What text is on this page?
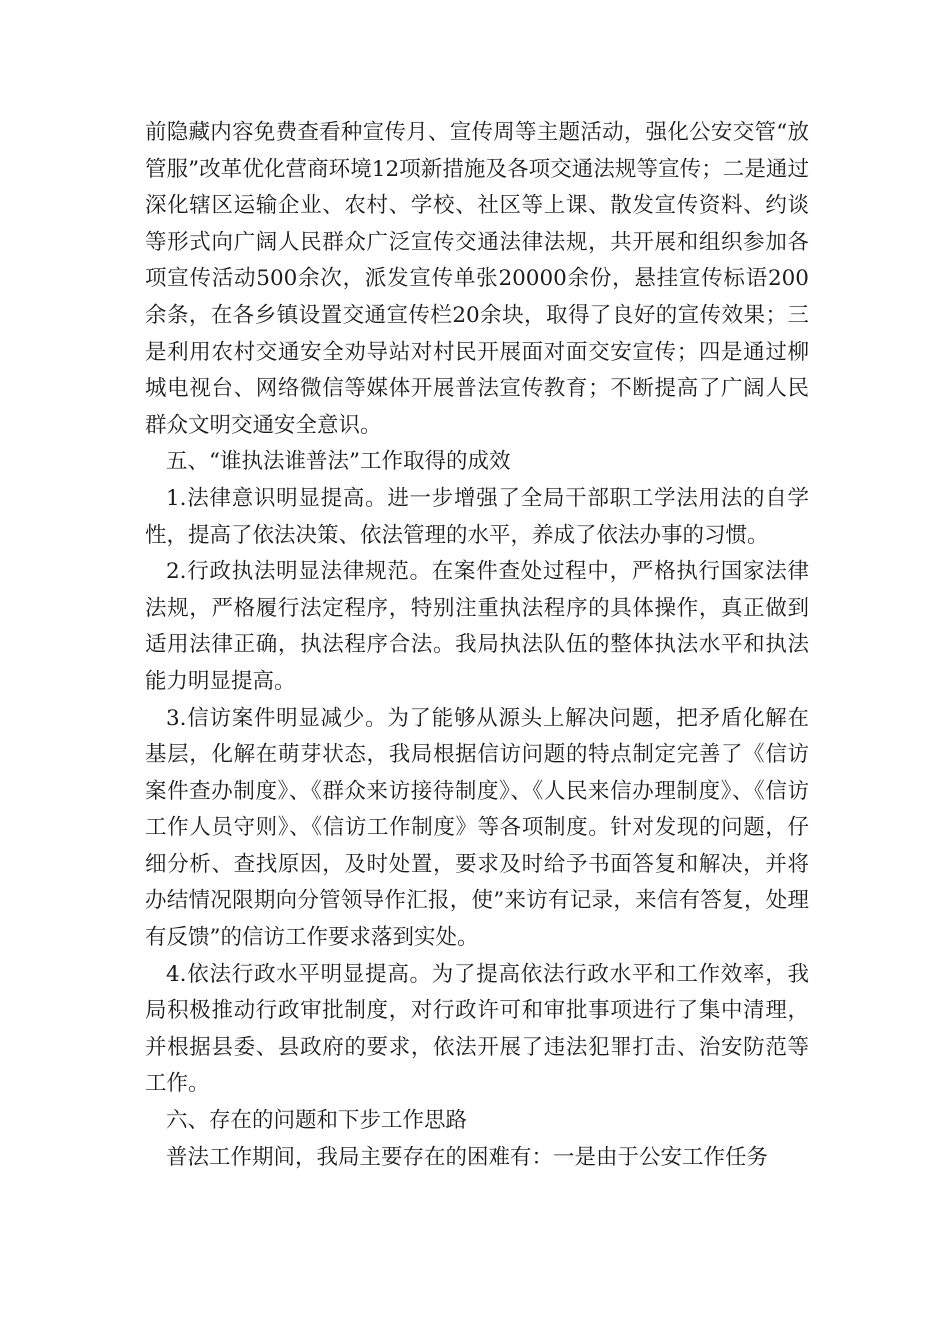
前隐藏内容免费查看种宣传月、宣传周等主题活动，强化公安交管“放管服”改革优化营商环境12项新措施及各项交通法规等宣传；二是通过深化辖区运输企业、农村、学校、社区等上课、散发宣传资料、约谈等形式向广阔人民群众广泛宣传交通法律法规，共开展和组织参加各项宣传活动500余次，派发宣传单张20000余份，悬挂宣传标语200余条，在各乡镇设置交通宣传栏20余块，取得了良好的宣传效果；三是利用农村交通安全劝导站对村民开展面对面交安宣传；四是通过柳城电视台、网络微信等媒体开展普法宣传教育；不断提高了广阔人民群众文明交通安全意识。

五、“谁执法谁普法”工作取得的成效

1.法律意识明显提高。进一步增强了全局干部职工学法用法的自学性，提高了依法决策、依法管理的水平，养成了依法办事的习惯。

2.行政执法明显法律规范。在案件查处过程中，严格执行国家法律法规，严格履行法定程序，特别注重执法程序的具体操作，真正做到适用法律正确，执法程序合法。我局执法队伍的整体执法水平和执法能力明显提高。

3.信访案件明显减少。为了能够从源头上解决问题，把矛盾化解在基层，化解在萌芽状态，我局根据信访问题的特点制定完善了《信访案件查办制度》、《群众来访接待制度》、《人民来信办理制度》、《信访工作人员守则》、《信访工作制度》等各项制度。针对发现的问题，仔细分析、查找原因，及时处置，要求及时给予书面答复和解决，并将办结情况限期向分管领导作汇报，使”来访有记录，来信有答复，处理有反馈”的信访工作要求落到实处。

4.依法行政水平明显提高。为了提高依法行政水平和工作效率，我局积极推动行政审批制度，对行政许可和审批事项进行了集中清理，并根据县委、县政府的要求，依法开展了违法犯罪打击、治安防范等工作。

六、存在的问题和下步工作思路

普法工作期间，我局主要存在的困难有：一是由于公安工作任务
